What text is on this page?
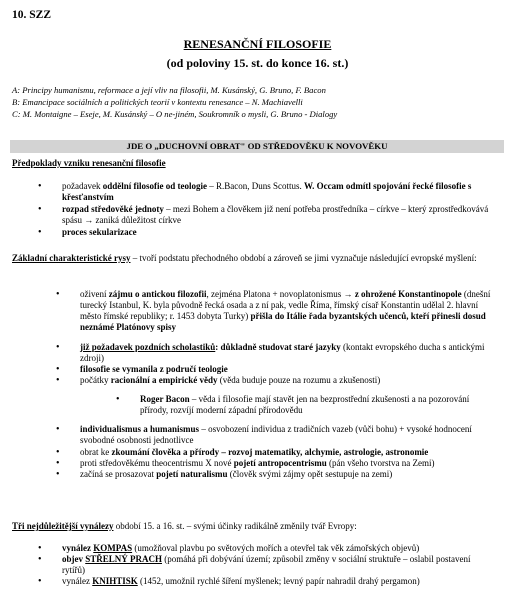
10. SZZ
RENESANČNÍ FILOSOFIE
(od poloviny 15. st. do konce 16. st.)
A: Principy humanismu, reformace a její vliv na filosofii, M. Kusánský, G. Bruno, F. Bacon
B: Emancipace sociálních a politických teorií v kontextu renesance – N. Machiavelli
C: M. Montaigne – Eseje, M. Kusánský – O ne-jiném, Soukromník o mysli, G. Bruno - Dialogy
JDE O „DUCHOVNÍ OBRAT" OD STŘEDOVĚKU K NOVOVĚKU
Předpoklady vzniku renesanční filosofie
• požadavek oddělní filosofie od teologie – R.Bacon, Duns Scottus. W. Occam odmítl spojování řecké filosofie s křesťanstvím
• rozpad středověké jednoty – mezi Bohem a člověkem již není potřeba prostředníka – církve – který zprostředkovává spásu → zaniká důležitost církve
• proces sekularizace
Základní charakteristické rysy – tvoří podstatu přechodného období a zároveň se jimi vyznačuje následující evropské myšlení:
• oživení zájmu o antickou filozofii, zejména Platona + novoplatonismus → z ohrožené Konstantinopole (dnešní turecký Istanbul, K. byla původně řecká osada a z ní pak, vedle Říma, římský císař Konstantin udělal 2. hlavní město římské republiky; r. 1453 dobyta Turky) přišla do Itálie řada byzantských učenců, kteří přinesli dosud neznámé Platónovy spisy
• již požadavek pozdních scholastiků: důkladně studovat staré jazyky (kontakt evropského ducha s antickými zdroji)
• filosofie se vymanila z područí teologie
• počátky racionální a empirické vědy (věda buduje pouze na rozumu a zkušenosti)
• Roger Bacon – věda i filosofie mají stavět jen na bezprostřední zkušenosti a na pozorování přírody, rozvíjí moderní západní přírodovědu
• individualismus a humanismus – osvobození individua z tradičních vazeb (vůči bohu) + vysoké hodnocení svobodné osobnosti jednotlivce
• obrat ke zkoumání člověka a přírody – rozvoj matematiky, alchymie, astrologie, astronomie
• proti středověkému theocentrismu X nové pojetí antropocentrismu (pán všeho tvorstva na Zemi)
• začíná se prosazovat pojetí naturalismu (člověk svými zájmy opět sestupuje na zemi)
Tři nejdůležitější vynálezy období 15. a 16. st. – svými účinky radikálně změnily tvář Evropy:
• vynález KOMPAS (umožňoval plavbu po světových mořích a otevřel tak věk zámořských objevů)
• objev STŘELNÝ PRACH (pomáhá při dobývání území; způsobil změny v sociální struktuře – oslabil postavení rytířů)
• vynález KNIHTISK (1452, umožnil rychlé šíření myšlenek; levný papír nahradil drahý pergamon)
